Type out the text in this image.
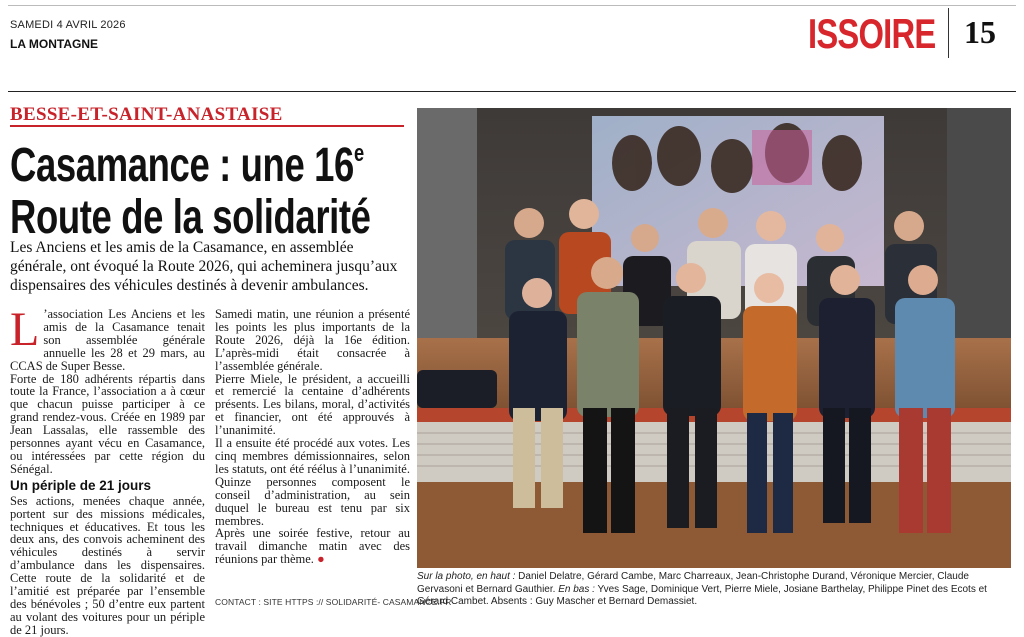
SAMEDI 4 AVRIL 2026
LA MONTAGNE	ISSOIRE 15
BESSE-ET-SAINT-ANASTAISE
Casamance : une 16e
Route de la solidarité
Les Anciens et les amis de la Casamance, en assemblée générale, ont évoqué la Route 2026, qui acheminera jusqu’aux dispensaires des véhicules destinés à devenir ambulances.

L ’association Les Anciens et les amis de la Casamance tenait son assemblée générale annuelle les 28 et 29 mars, au CCAS de Super Besse.

Forte de 180 adhérents répartis dans toute la France, l’association a à cœur que chacun puisse participer à ce grand rendez-vous. Créée en 1989 par Jean Lassalas, elle rassemble des personnes ayant vécu en Casamance, ou intéressées par cette région du Sénégal.

Un périple de 21 jours

Ses actions, menées chaque année, portent sur des missions médicales, techniques et éducatives. Et tous les deux ans, des convois acheminent des véhicules destinés à servir d’ambulance dans les dispensaires. Cette route de la solidarité et de l’amitié est préparée par l’ensemble des bénévoles ; 50 d’entre eux partent au volant des voitures pour un périple de 21 jours.

Samedi matin, une réunion a présenté les points les plus importants de la Route 2026, déjà la 16e édition. L’après-midi était consacrée à l’assemblée générale.

Pierre Miele, le président, a accueilli et remercié la centaine d’adhérents présents. Les bilans, moral, d’activités et financier, ont été approuvés à l’unanimité.

Il a ensuite été procédé aux votes. Les cinq membres démissionnaires, selon les statuts, ont été réélus à l’unanimité. Quinze personnes composent le conseil d’administration, au sein duquel le bureau est tenu par six membres.

Après une soirée festive, retour au travail dimanche matin avec des réunions par thème. ●

CONTACT : SITE HTTPS :// SOLIDARITÉ- CASAMANCE.FR
Sur la photo, en haut : Daniel Delatre, Gérard Cambe, Marc Charreaux, Jean-Christophe Durand, Véronique Mercier, Claude Gervasoni et Bernard Gauthier. En bas : Yves Sage, Dominique Vert, Pierre Miele, Josiane Barthelay, Philippe Pinet des Ecots et Gérard Cambet. Absents : Guy Mascher et Bernard Demassiet.
